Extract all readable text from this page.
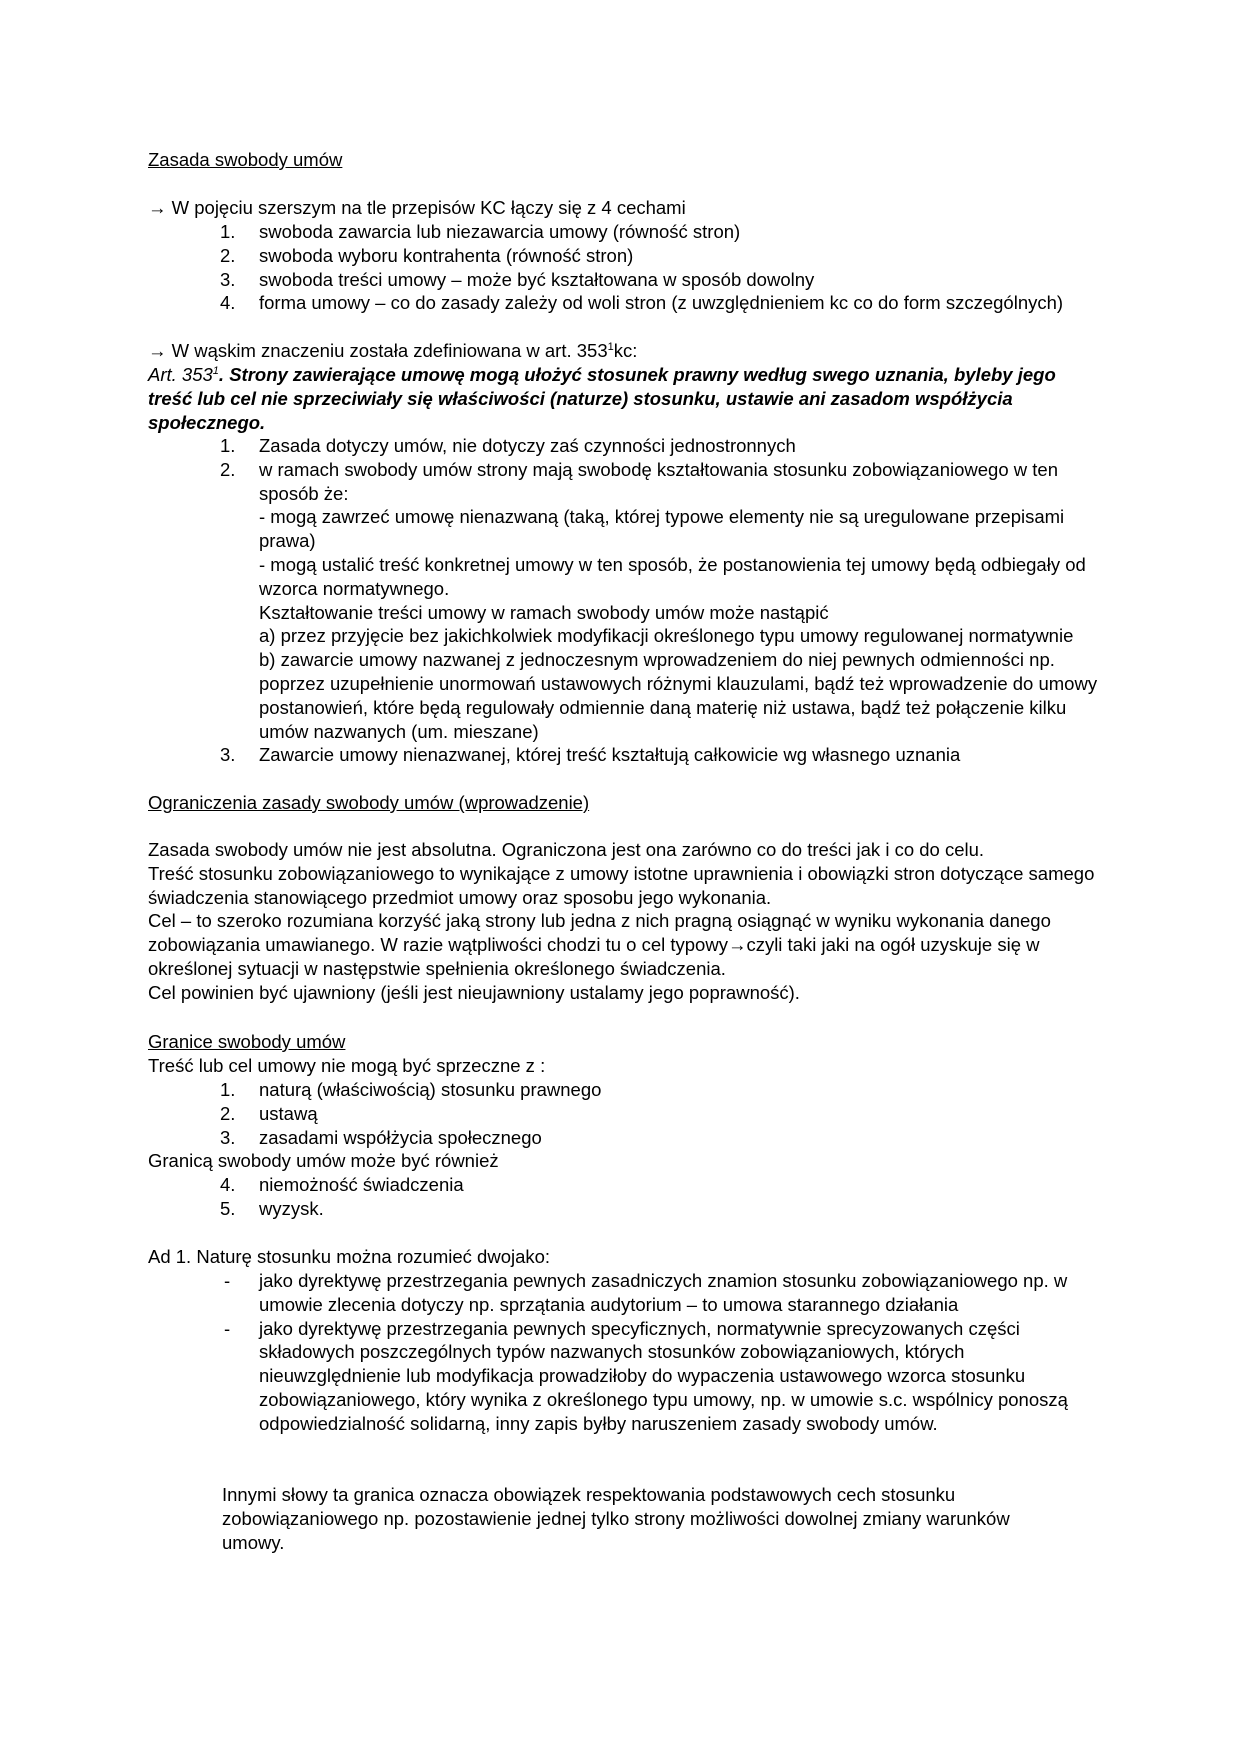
Zasada swobody umów

→ W pojęciu szerszym na tle przepisów KC łączy się z 4 cechami

1.	swoboda zawarcia lub niezawarcia umowy (równość stron)
2.	swoboda wyboru kontrahenta (równość stron)
3.	swoboda treści umowy – może być kształtowana w sposób dowolny
4.	forma umowy – co do zasady zależy od woli stron (z uwzględnieniem kc co do form szczególnych)

→ W wąskim znaczeniu została zdefiniowana w art. $353^1kc$:

Art. $353^1$. Strony zawierające umowę mogą ułożyć stosunek prawny według swego uznania, byleby jego treść lub cel nie sprzeciwiały się właściwości (naturze) stosunku, ustawie ani zasadom współżycia społecznego.

1.	Zasada dotyczy umów, nie dotyczy zaś czynności jednostronnych
2.	w ramach swobody umów strony mają swobodę kształtowania stosunku zobowiązaniowego w ten sposób że:
- mogą zawrzeć umowę nienazwaną (taką, której typowe elementy nie są uregulowane przepisami prawa)
- mogą ustalić treść konkretnej umowy w ten sposób, że postanowienia tej umowy będą odbiegały od wzorca normatywnego.
Kształtowanie treści umowy w ramach swobody umów może nastąpić
a) przez przyjęcie bez jakichkolwiek modyfikacji określonego typu umowy regulowanej normatywnie
b) zawarcie umowy nazwanej z jednoczesnym wprowadzeniem do niej pewnych odmienności np. poprzez uzupełnienie unormowań ustawowych różnymi klauzulami, bądź też wprowadzenie do umowy postanowień, które będą regulowały odmiennie daną materię niż ustawa, bądź też połączenie kilku umów nazwanych (um. mieszane)
3.	Zawarcie umowy nienazwanej, której treść kształtują całkowicie wg własnego uznania

Ograniczenia zasady swobody umów (wprowadzenie)

Zasada swobody umów nie jest absolutna. Ograniczona jest ona zarówno co do treści jak i co do celu.
Treść stosunku zobowiązaniowego to wynikające z umowy istotne uprawnienia i obowiązki stron dotyczące samego świadczenia stanowiącego przedmiot umowy oraz sposobu jego wykonania.
Cel – to szeroko rozumiana korzyść jaką strony lub jedna z nich pragną osiągnąć w wyniku wykonania danego zobowiązania umawianego. W razie wątpliwości chodzi tu o cel typowy→czyli taki jaki na ogół uzyskuje się w określonej sytuacji w następstwie spełnienia określonego świadczenia.
Cel powinien być ujawniony (jeśli jest nieujawniony ustalamy jego poprawność).

Granice swobody umów

Treść lub cel umowy nie mogą być sprzeczne z :

1.	naturą (właściwością) stosunku prawnego
2.	ustawą
3.	zasadami współżycia społecznego

Granicą swobody umów może być również

4.	niemożność świadczenia
5.	wyzysk.

Ad 1. Naturę stosunku można rozumieć dwojako:

- jako dyrektywę przestrzegania pewnych zasadniczych znamion stosunku zobowiązaniowego np. w umowie zlecenia dotyczy np. sprzątania audytorium – to umowa starannego działania
- jako dyrektywę przestrzegania pewnych specyficznych, normatywnie sprecyzowanych części składowych poszczególnych typów nazwanych stosunków zobowiązaniowych, których nieuwzględnienie lub modyfikacja prowadziłoby do wypaczenia ustawowego wzorca stosunku zobowiązaniowego, który wynika z określonego typu umowy, np. w umowie s.c. wspólnicy ponoszą odpowiedzialność solidarną, inny zapis byłby naruszeniem zasady swobody umów.

Innymi słowy ta granica oznacza obowiązek respektowania podstawowych cech stosunku zobowiązaniowego np. pozostawienie jednej tylko strony możliwości dowolnej zmiany warunków umowy.
